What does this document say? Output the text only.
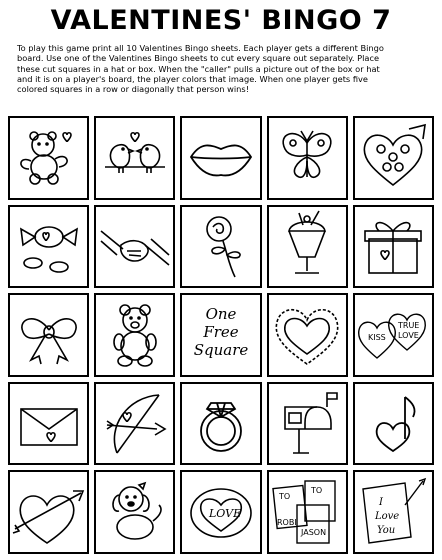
VALENTINES' BINGO 7

To play this game print all 10 Valentines Bingo sheets. Each player gets a different Bingo
board. Use one of the Valentines Bingo sheets to cut every square out separately. Place
these cut squares in a hat or box. When the "caller" pulls a picture out of the box or hat
and it is on a player's board, the player colors that image. When one player gets five
colored squares in a row or diagonally that person wins!

One
Free
Square
KISS
TRUE
LOVE
LOVE
TO
TO
ROBI
JASON
I
Love
You
